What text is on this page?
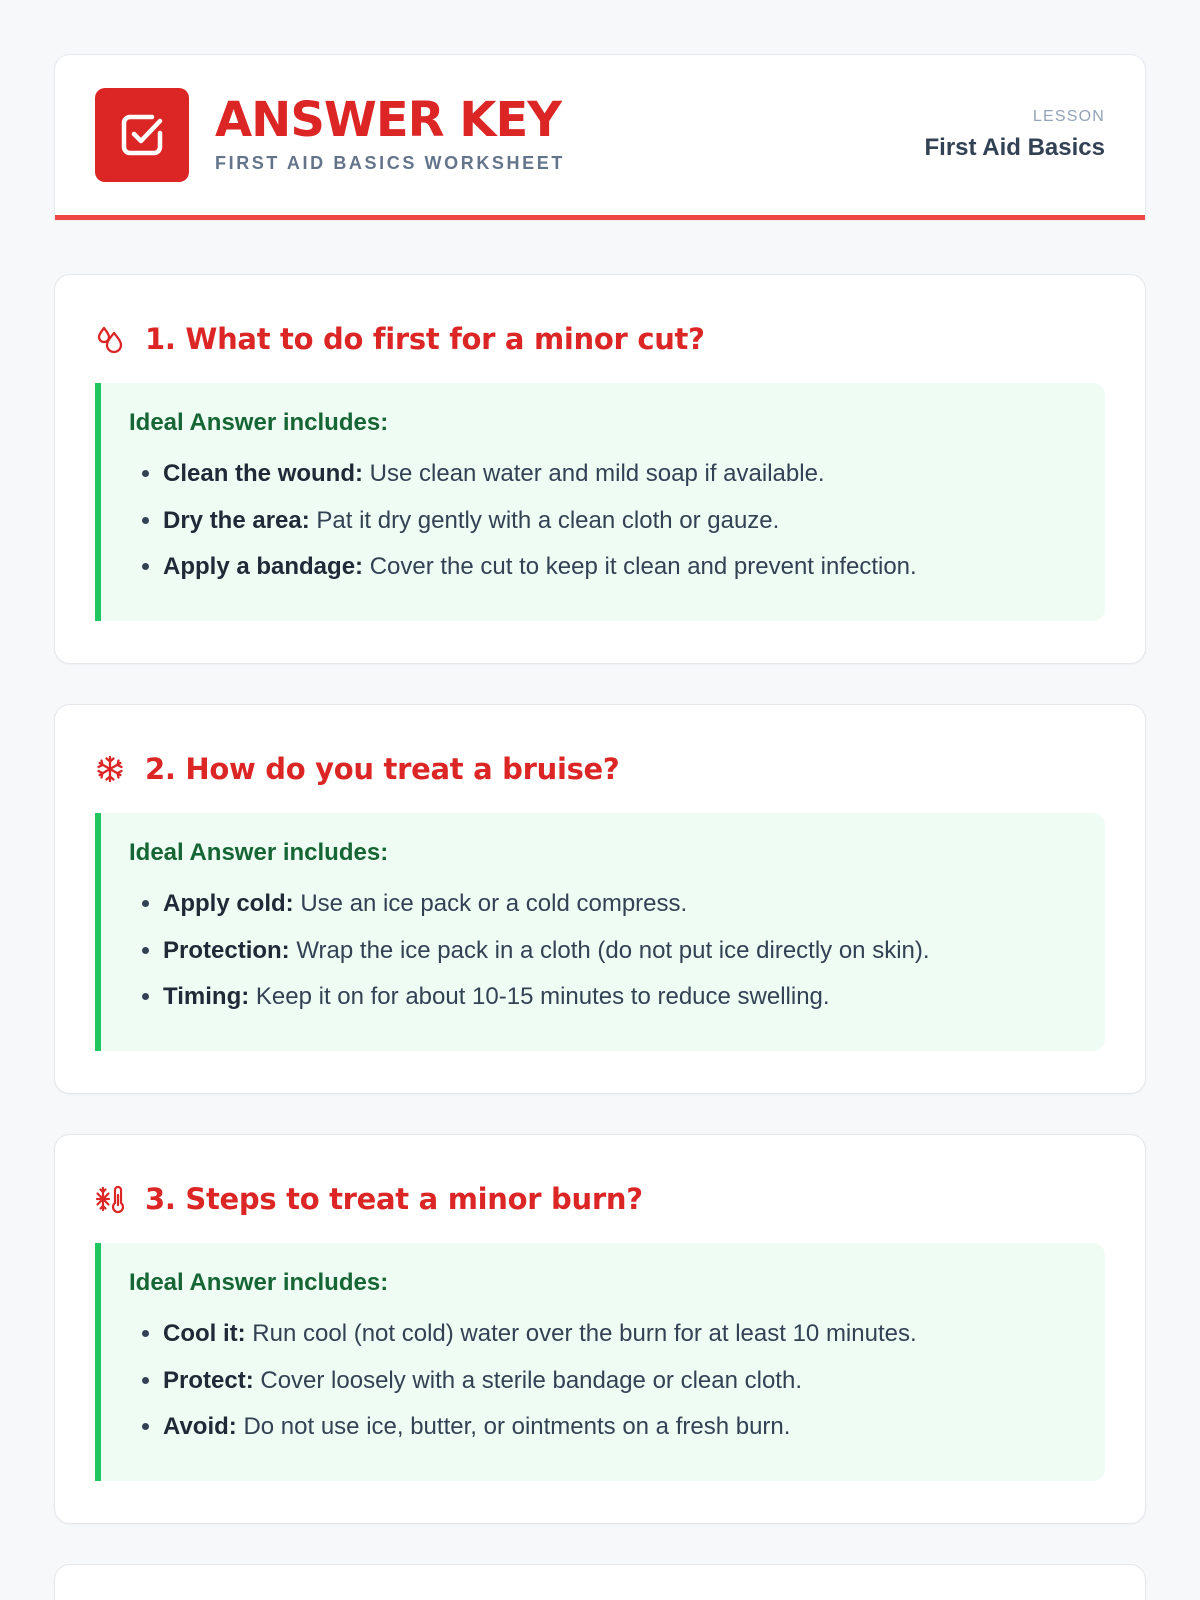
ANSWER KEY
FIRST AID BASICS WORKSHEET
LESSON
First Aid Basics
1. What to do first for a minor cut?
Ideal Answer includes:
• Clean the wound: Use clean water and mild soap if available.
• Dry the area: Pat it dry gently with a clean cloth or gauze.
• Apply a bandage: Cover the cut to keep it clean and prevent infection.
2. How do you treat a bruise?
Ideal Answer includes:
• Apply cold: Use an ice pack or a cold compress.
• Protection: Wrap the ice pack in a cloth (do not put ice directly on skin).
• Timing: Keep it on for about 10-15 minutes to reduce swelling.
3. Steps to treat a minor burn?
Ideal Answer includes:
• Cool it: Run cool (not cold) water over the burn for at least 10 minutes.
• Protect: Cover loosely with a sterile bandage or clean cloth.
• Avoid: Do not use ice, butter, or ointments on a fresh burn.
